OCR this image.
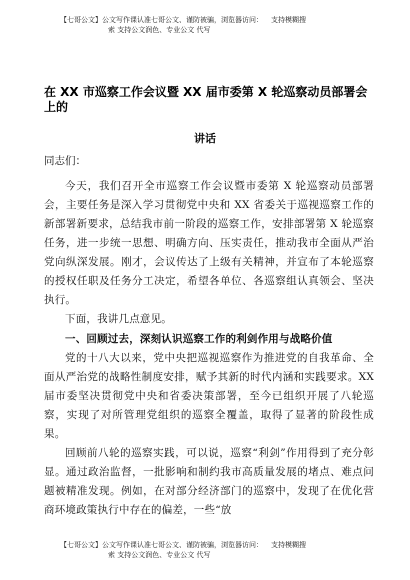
【七哥公文】公文写作课认准七哥公文、谨防被骗，浏览器访问： 支持模糊搜
索 支持公文润色、专业公文 代写
在 XX 市巡察工作会议暨 XX 届市委第 X 轮巡察动员部署会上的
讲话
同志们：

今天，我们召开全市巡察工作会议暨市委第 X 轮巡察动员部署会，主要任务是深入学习贯彻党中央和 XX 省委关于巡视巡察工作的新部署新要求，总结我市前一阶段的巡察工作，安排部署第 X 轮巡察任务，进一步统一思想、明确方向、压实责任，推动我市全面从严治党向纵深发展。刚才，会议传达了上级有关精神，并宣布了本轮巡察的授权任职及任务分工决定，希望各单位、各巡察组认真领会、坚决执行。

下面，我讲几点意见。

一、回顾过去，深刻认识巡察工作的利剑作用与战略价值

党的十八大以来，党中央把巡视巡察作为推进党的自我革命、全面从严治党的战略性制度安排，赋予其新的时代内涵和实践要求。XX 届市委坚决贯彻党中央和省委决策部署，至今已组织开展了八轮巡察，实现了对所管理党组织的巡察全覆盖，取得了显著的阶段性成果。

回顾前八轮的巡察实践，可以说，巡察“利剑”作用得到了充分彰显。通过政治监督，一批影响和制约我市高质量发展的堵点、难点问题被精准发现。例如，在对部分经济部门的巡察中，发现了在优化营商环境政策执行中存在的偏差，一些“放

【七哥公文】公文写作课认准七哥公文、谨防被骗，浏览器访问： 支持模糊搜
索 支持公文润色、专业公文 代写
